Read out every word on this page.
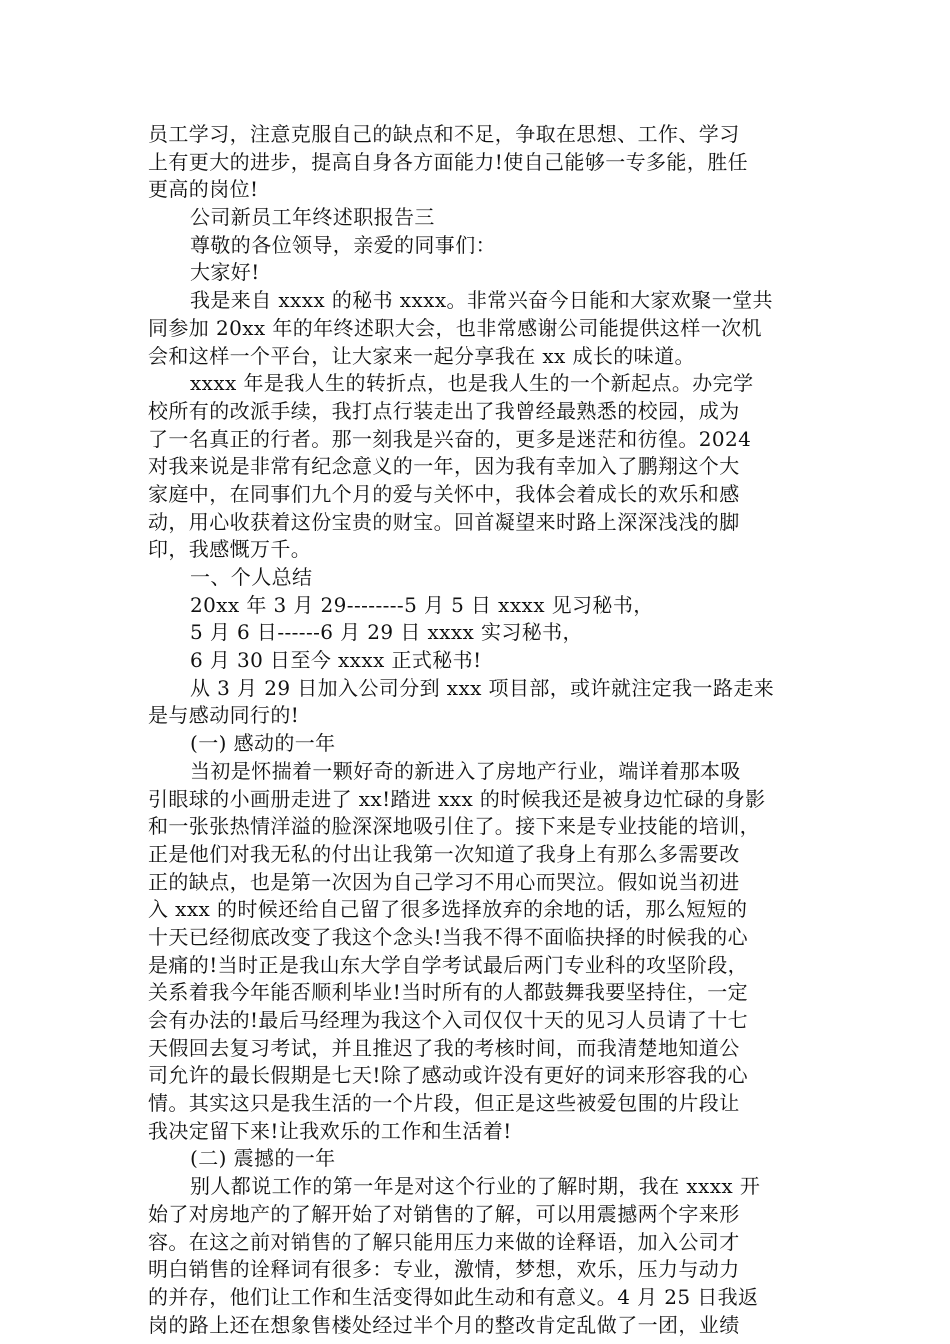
员工学习，注意克服自己的缺点和不足，争取在思想、工作、学习
上有更大的进步，提高自身各方面能力!使自己能够一专多能，胜任
更高的岗位!
公司新员工年终述职报告三
尊敬的各位领导，亲爱的同事们：
大家好!
我是来自 xxxx 的秘书 xxxx。非常兴奋今日能和大家欢聚一堂共
同参加 20xx 年的年终述职大会，也非常感谢公司能提供这样一次机
会和这样一个平台，让大家来一起分享我在 xx 成长的味道。
xxxx 年是我人生的转折点，也是我人生的一个新起点。办完学
校所有的改派手续，我打点行装走出了我曾经最熟悉的校园，成为
了一名真正的行者。那一刻我是兴奋的，更多是迷茫和彷徨。2024
对我来说是非常有纪念意义的一年，因为我有幸加入了鹏翔这个大
家庭中，在同事们九个月的爱与关怀中，我体会着成长的欢乐和感
动，用心收获着这份宝贵的财宝。回首凝望来时路上深深浅浅的脚
印，我感慨万千。
一、个人总结
20xx 年 3 月 29--------5 月 5 日 xxxx 见习秘书，
5 月 6 日------6 月 29 日 xxxx 实习秘书，
6 月 30 日至今 xxxx 正式秘书!
从 3 月 29 日加入公司分到 xxx 项目部，或许就注定我一路走来
是与感动同行的!
(一) 感动的一年
当初是怀揣着一颗好奇的新进入了房地产行业，端详着那本吸
引眼球的小画册走进了 xx!踏进 xxx 的时候我还是被身边忙碌的身影
和一张张热情洋溢的脸深深地吸引住了。接下来是专业技能的培训，
正是他们对我无私的付出让我第一次知道了我身上有那么多需要改
正的缺点，也是第一次因为自己学习不用心而哭泣。假如说当初进
入 xxx 的时候还给自己留了很多选择放弃的余地的话，那么短短的
十天已经彻底改变了我这个念头!当我不得不面临抉择的时候我的心
是痛的!当时正是我山东大学自学考试最后两门专业科的攻坚阶段，
关系着我今年能否顺利毕业!当时所有的人都鼓舞我要坚持住，一定
会有办法的!最后马经理为我这个入司仅仅十天的见习人员请了十七
天假回去复习考试，并且推迟了我的考核时间，而我清楚地知道公
司允许的最长假期是七天!除了感动或许没有更好的词来形容我的心
情。其实这只是我生活的一个片段，但正是这些被爱包围的片段让
我决定留下来!让我欢乐的工作和生活着!
(二) 震撼的一年
别人都说工作的第一年是对这个行业的了解时期，我在 xxxx 开
始了对房地产的了解开始了对销售的了解，可以用震撼两个字来形
容。在这之前对销售的了解只能用压力来做的诠释语，加入公司才
明白销售的诠释词有很多：专业，激情，梦想，欢乐，压力与动力
的并存，他们让工作和生活变得如此生动和有意义。4 月 25 日我返
岗的路上还在想象售楼处经过半个月的整改肯定乱做了一团，业绩
